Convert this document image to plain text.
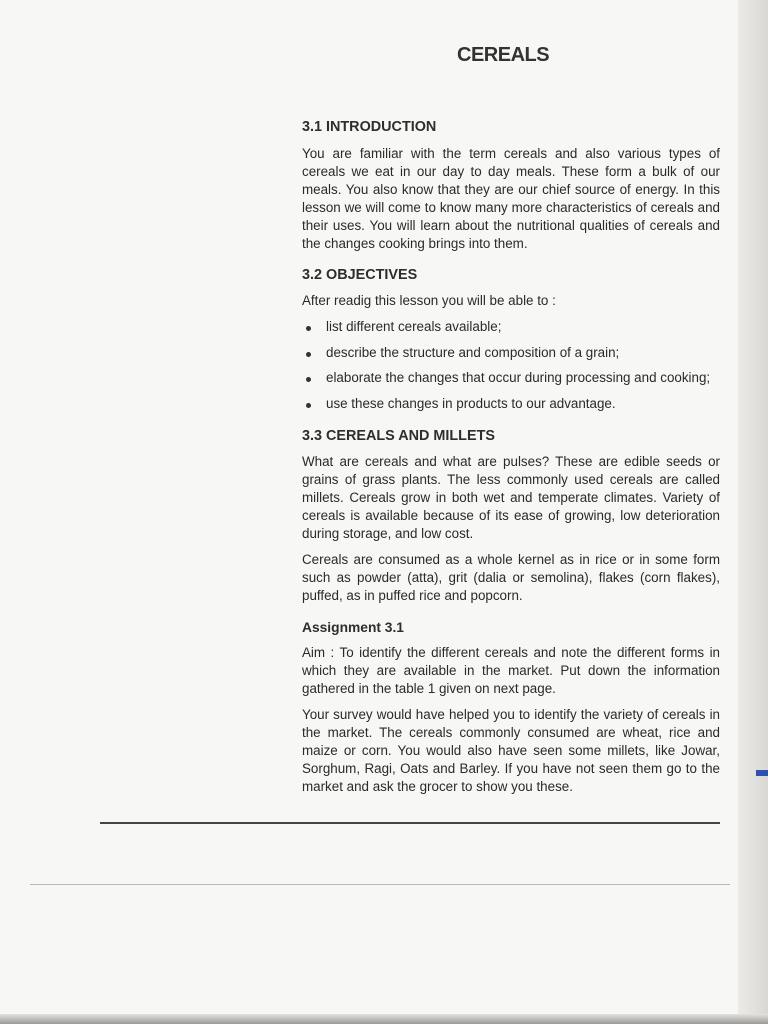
CEREALS
3.1 INTRODUCTION

You are familiar with the term cereals and also various types of cereals we eat in our day to day meals. These form a bulk of our meals. You also know that they are our chief source of energy. In this lesson we will come to know many more characteristics of cereals and their uses. You will learn about the nutritional qualities of cereals and the changes cooking brings into them.

3.2 OBJECTIVES

After readig this lesson you will be able to :

list different cereals available;
describe the structure and composition of a grain;
elaborate the changes that occur during processing and cooking;
use these changes in products to our advantage.
3.3 CEREALS AND MILLETS

What are cereals and what are pulses? These are edible seeds or grains of grass plants. The less commonly used cereals are called millets. Cereals grow in both wet and temperate climates. Variety of cereals is available because of its ease of growing, low deterioration during storage, and low cost.

Cereals are consumed as a whole kernel as in rice or in some form such as powder (atta), grit (dalia or semolina), flakes (corn flakes), puffed, as in puffed rice and popcorn.

Assignment 3.1

Aim : To identify the different cereals and note the different forms in which they are available in the market. Put down the information gathered in the table 1 given on next page.

Your survey would have helped you to identify the variety of cereals in the market. The cereals commonly consumed are wheat, rice and maize or corn. You would also have seen some millets, like Jowar, Sorghum, Ragi, Oats and Barley. If you have not seen them go to the market and ask the grocer to show you these.
